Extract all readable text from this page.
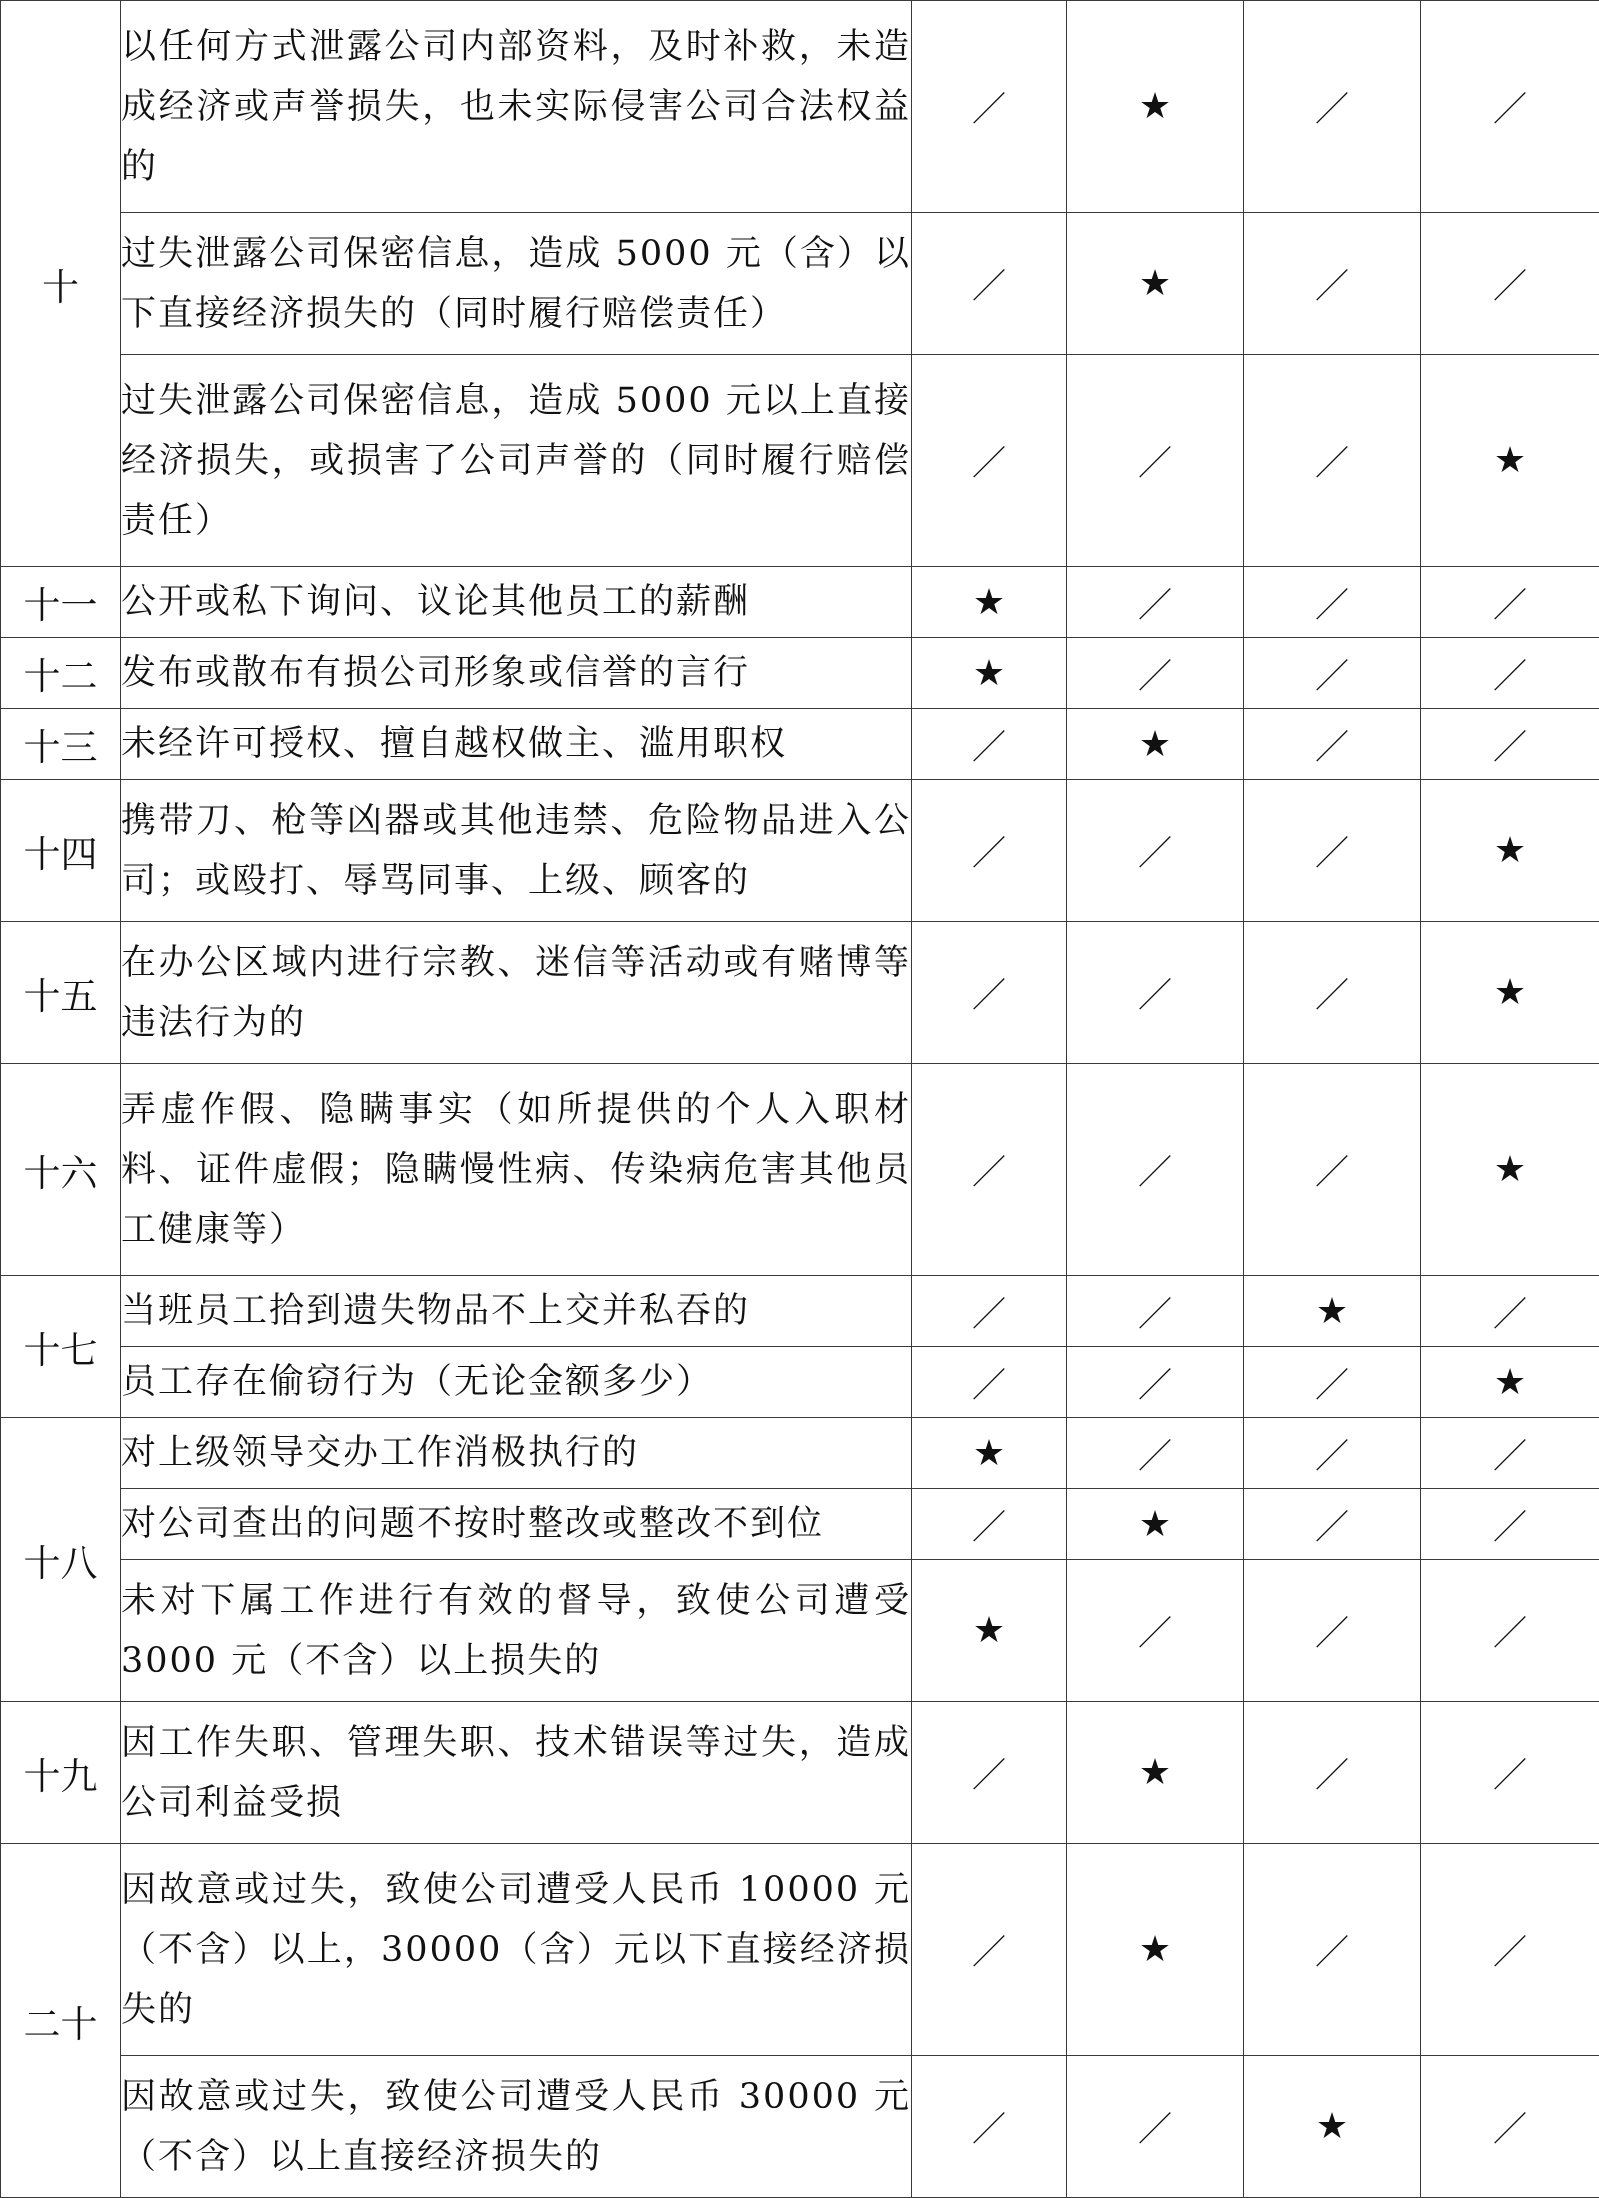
十	以任何方式泄露公司内部资料，及时补救，未造成经济或声誉损失，也未实际侵害公司合法权益的	／	★	／	／
	过失泄露公司保密信息，造成 5000 元（含）以下直接经济损失的（同时履行赔偿责任）	／	★	／	／
	过失泄露公司保密信息，造成 5000 元以上直接经济损失，或损害了公司声誉的（同时履行赔偿责任）	／	／	／	★
十一	公开或私下询问、议论其他员工的薪酬	★	／	／	／
十二	发布或散布有损公司形象或信誉的言行	★	／	／	／
十三	未经许可授权、擅自越权做主、滥用职权	／	★	／	／
十四	携带刀、枪等凶器或其他违禁、危险物品进入公司；或殴打、辱骂同事、上级、顾客的	／	／	／	★
十五	在办公区域内进行宗教、迷信等活动或有赌博等违法行为的	／	／	／	★
十六	弄虚作假、隐瞒事实（如所提供的个人入职材料、证件虚假；隐瞒慢性病、传染病危害其他员工健康等）	／	／	／	★
十七	当班员工拾到遗失物品不上交并私吞的	／	／	★	／
	员工存在偷窃行为（无论金额多少）	／	／	／	★
十八	对上级领导交办工作消极执行的	★	／	／	／
	对公司查出的问题不按时整改或整改不到位	／	★	／	／
	未对下属工作进行有效的督导，致使公司遭受 3000 元（不含）以上损失的	★	／	／	／
十九	因工作失职、管理失职、技术错误等过失，造成公司利益受损	／	★	／	／
二十	因故意或过失，致使公司遭受人民币 10000 元（不含）以上，30000（含）元以下直接经济损失的	／	★	／	／
	因故意或过失，致使公司遭受人民币 30000 元（不含）以上直接经济损失的	／	／	★	／
